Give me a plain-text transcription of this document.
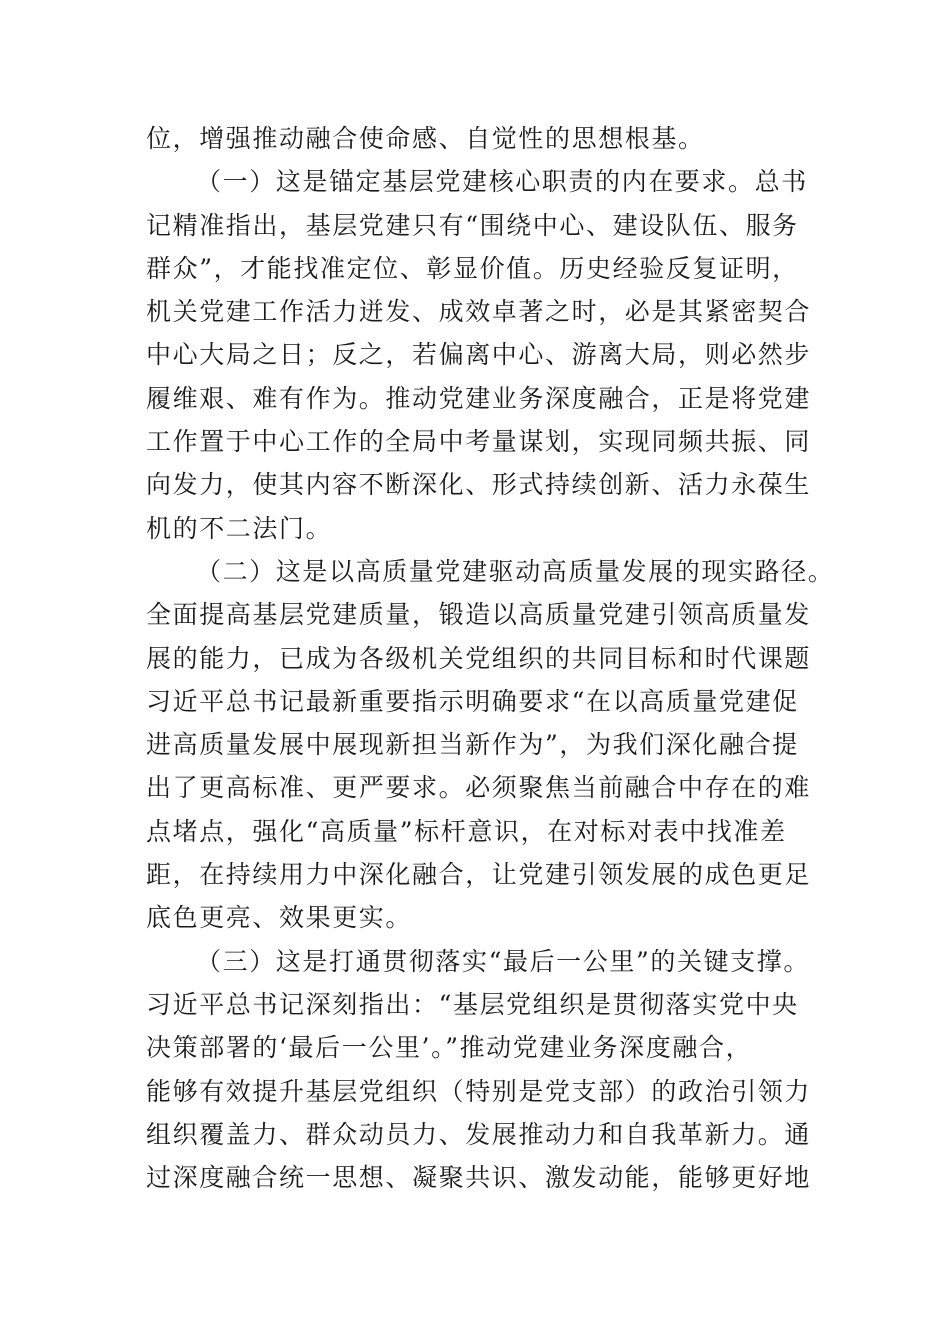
位，增强推动融合使命感、自觉性的思想根基。
（一）这是锚定基层党建核心职责的内在要求。总书
记精准指出，基层党建只有“围绕中心、建设队伍、服务
群众”，才能找准定位、彰显价值。历史经验反复证明，
机关党建工作活力迸发、成效卓著之时，必是其紧密契合
中心大局之日；反之，若偏离中心、游离大局，则必然步
履维艰、难有作为。推动党建业务深度融合，正是将党建
工作置于中心工作的全局中考量谋划，实现同频共振、同
向发力，使其内容不断深化、形式持续创新、活力永葆生
机的不二法门。
（二）这是以高质量党建驱动高质量发展的现实路径。
全面提高基层党建质量，锻造以高质量党建引领高质量发
展的能力，已成为各级机关党组织的共同目标和时代课题
习近平总书记最新重要指示明确要求“在以高质量党建促
进高质量发展中展现新担当新作为”，为我们深化融合提
出了更高标准、更严要求。必须聚焦当前融合中存在的难
点堵点，强化“高质量”标杆意识，在对标对表中找准差
距，在持续用力中深化融合，让党建引领发展的成色更足
底色更亮、效果更实。
（三）这是打通贯彻落实“最后一公里”的关键支撑。
习近平总书记深刻指出：“基层党组织是贯彻落实党中央
决策部署的‘最后一公里’。”推动党建业务深度融合，
能够有效提升基层党组织（特别是党支部）的政治引领力
组织覆盖力、群众动员力、发展推动力和自我革新力。通
过深度融合统一思想、凝聚共识、激发动能，能够更好地
